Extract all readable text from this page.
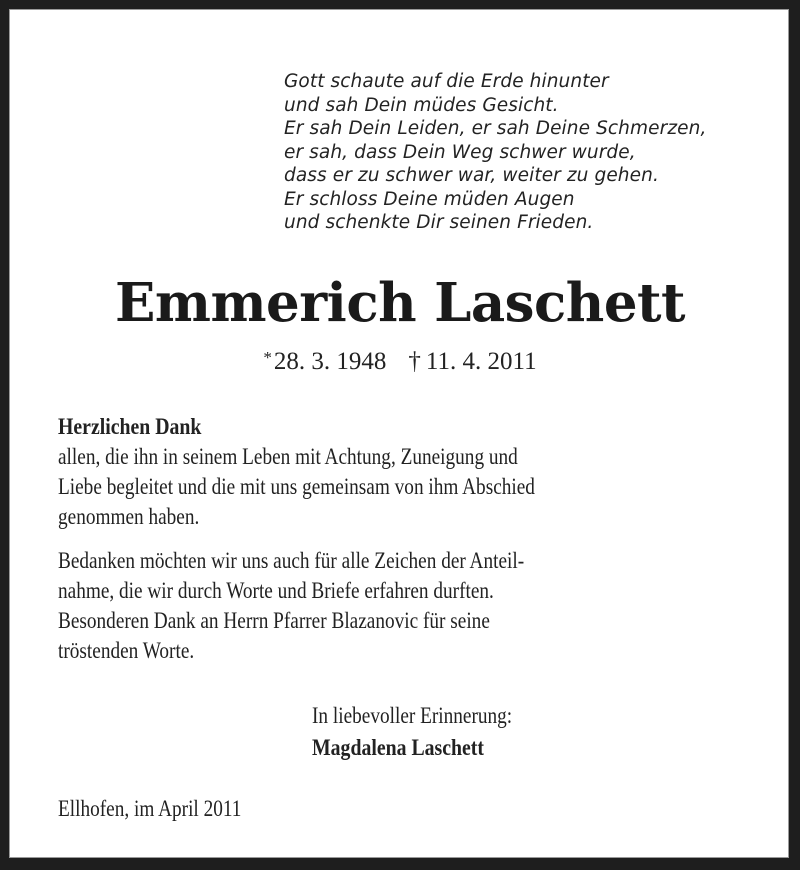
Gott schaute auf die Erde hinunter
und sah Dein müdes Gesicht.
Er sah Dein Leiden, er sah Deine Schmerzen,
er sah, dass Dein Weg schwer wurde,
dass er zu schwer war, weiter zu gehen.
Er schloss Deine müden Augen
und schenkte Dir seinen Frieden.
Emmerich Laschett
*28. 3. 1948 †  11. 4. 2011
Herzlichen Dank
allen, die ihn in seinem Leben mit Achtung, Zuneigung und
Liebe begleitet und die mit uns gemeinsam von ihm Abschied
genommen haben.
Bedanken möchten wir uns auch für alle Zeichen der Anteil-
nahme, die wir durch Worte und Briefe erfahren durften.
Besonderen Dank an Herrn Pfarrer Blazanovic für seine
tröstenden Worte.
In liebevoller Erinnerung:
Magdalena Laschett
Ellhofen, im April 2011
